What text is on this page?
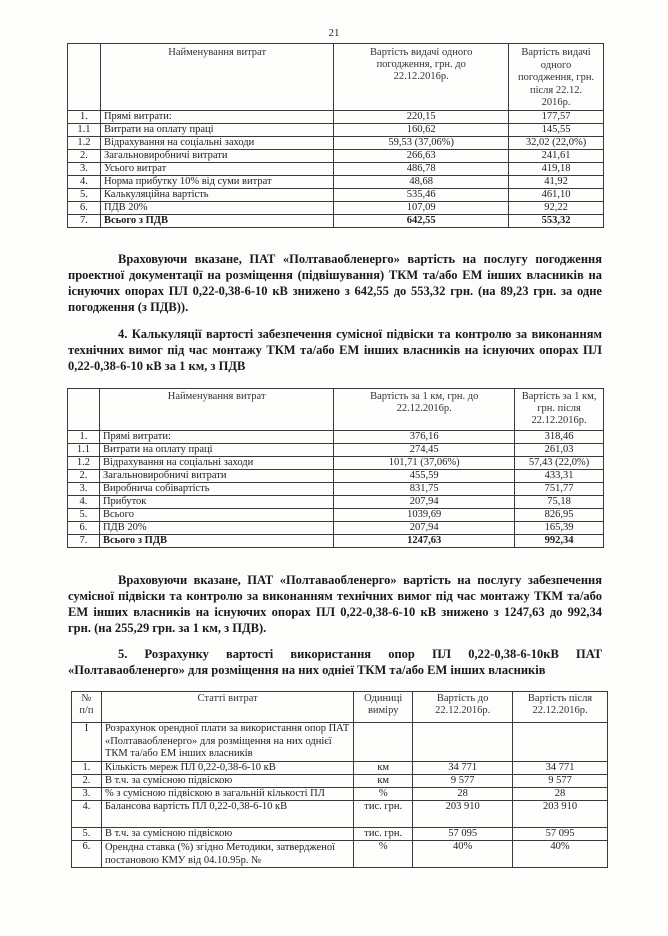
21
	Найменування витрат	Вартість видачі одного погодження, грн. до 22.12.2016р.	Вартість видачі одного погодження, грн. після 22.12. 2016р.
1.	Прямі витрати:	220,15	177,57
1.1	Витрати на оплату праці	160,62	145,55
1.2	Відрахування на соціальні заходи	59,53 (37,06%)	32,02 (22,0%)
2.	Загальновиробничі витрати	266,63	241,61
3.	Усього витрат	486,78	419,18
4.	Норма прибутку 10% від суми витрат	48,68	41,92
5.	Калькуляційна вартість	535,46	461,10
6.	ПДВ 20%	107,09	92,22
7.	Всього з ПДВ	642,55	553,32
Враховуючи вказане, ПАТ «Полтаваобленерго» вартість на послугу погодження
проектної документації на розміщення (підвішування) ТКМ та/або ЕМ інших власників на
існуючих опорах ПЛ 0,22-0,38-6-10 кВ знижено з 642,55 до 553,32 грн. (на 89,23 грн. за одне
погодження (з ПДВ)).
4. Калькуляції вартості забезпечення сумісної підвіски та контролю за виконанням
технічних вимог під час монтажу ТКМ та/або ЕМ інших власників на існуючих опорах ПЛ
0,22-0,38-6-10 кВ за 1 км, з ПДВ
	Найменування витрат	Вартість за 1 км, грн. до 22.12.2016р.	Вартість за 1 км, грн. після 22.12.2016р.
1.	Прямі витрати:	376,16	318,46
1.1	Витрати на оплату праці	274,45	261,03
1.2	Відрахування на соціальні заходи	101,71 (37,06%)	57,43 (22,0%)
2.	Загальновиробничі витрати	455,59	433,31
3.	Виробнича собівартість	831,75	751,77
4.	Прибуток	207,94	75,18
5.	Всього	1039,69	826,95
6.	ПДВ 20%	207,94	165,39
7.	Всього з ПДВ	1247,63	992,34
Враховуючи вказане, ПАТ «Полтаваобленерго» вартість на послугу забезпечення
сумісної підвіски та контролю за виконанням технічних вимог під час монтажу ТКМ та/або
ЕМ інших власників на існуючих опорах ПЛ 0,22-0,38-6-10 кВ знижено з 1247,63 до 992,34
грн. (на 255,29 грн. за 1 км, з ПДВ).
5. Розрахунку вартості використання опор ПЛ 0,22-0,38-6-10кВ ПАТ
«Полтаваобленерго» для розміщення на них одніеї ТКМ та/або ЕМ інших власників
№ п/п	Статті витрат	Одиниці виміру	Вартість до 22.12.2016р.	Вартість після 22.12.2016р.
I	Розрахунок орендної плати за використання опор ПАТ «Полтаваобленерго» для розміщення на них однієї ТКМ та/або ЕМ інших власників			
1.	Кількість мереж ПЛ 0,22-0,38-6-10 кВ	км	34 771	34 771
2.	В т.ч. за сумісною підвіскою	км	9 577	9 577
3.	% з сумісною підвіскою в загальній кількості ПЛ	%	28	28
4.	Балансова вартість ПЛ 0,22-0,38-6-10 кВ	тис. грн.	203 910	203 910
5.	В т.ч. за сумісною підвіскою	тис. грн.	57 095	57 095
6.	Орендна ставка (%) згідно Методики, затвердженої постановою КМУ від 04.10.95р. №	%	40%	40%
